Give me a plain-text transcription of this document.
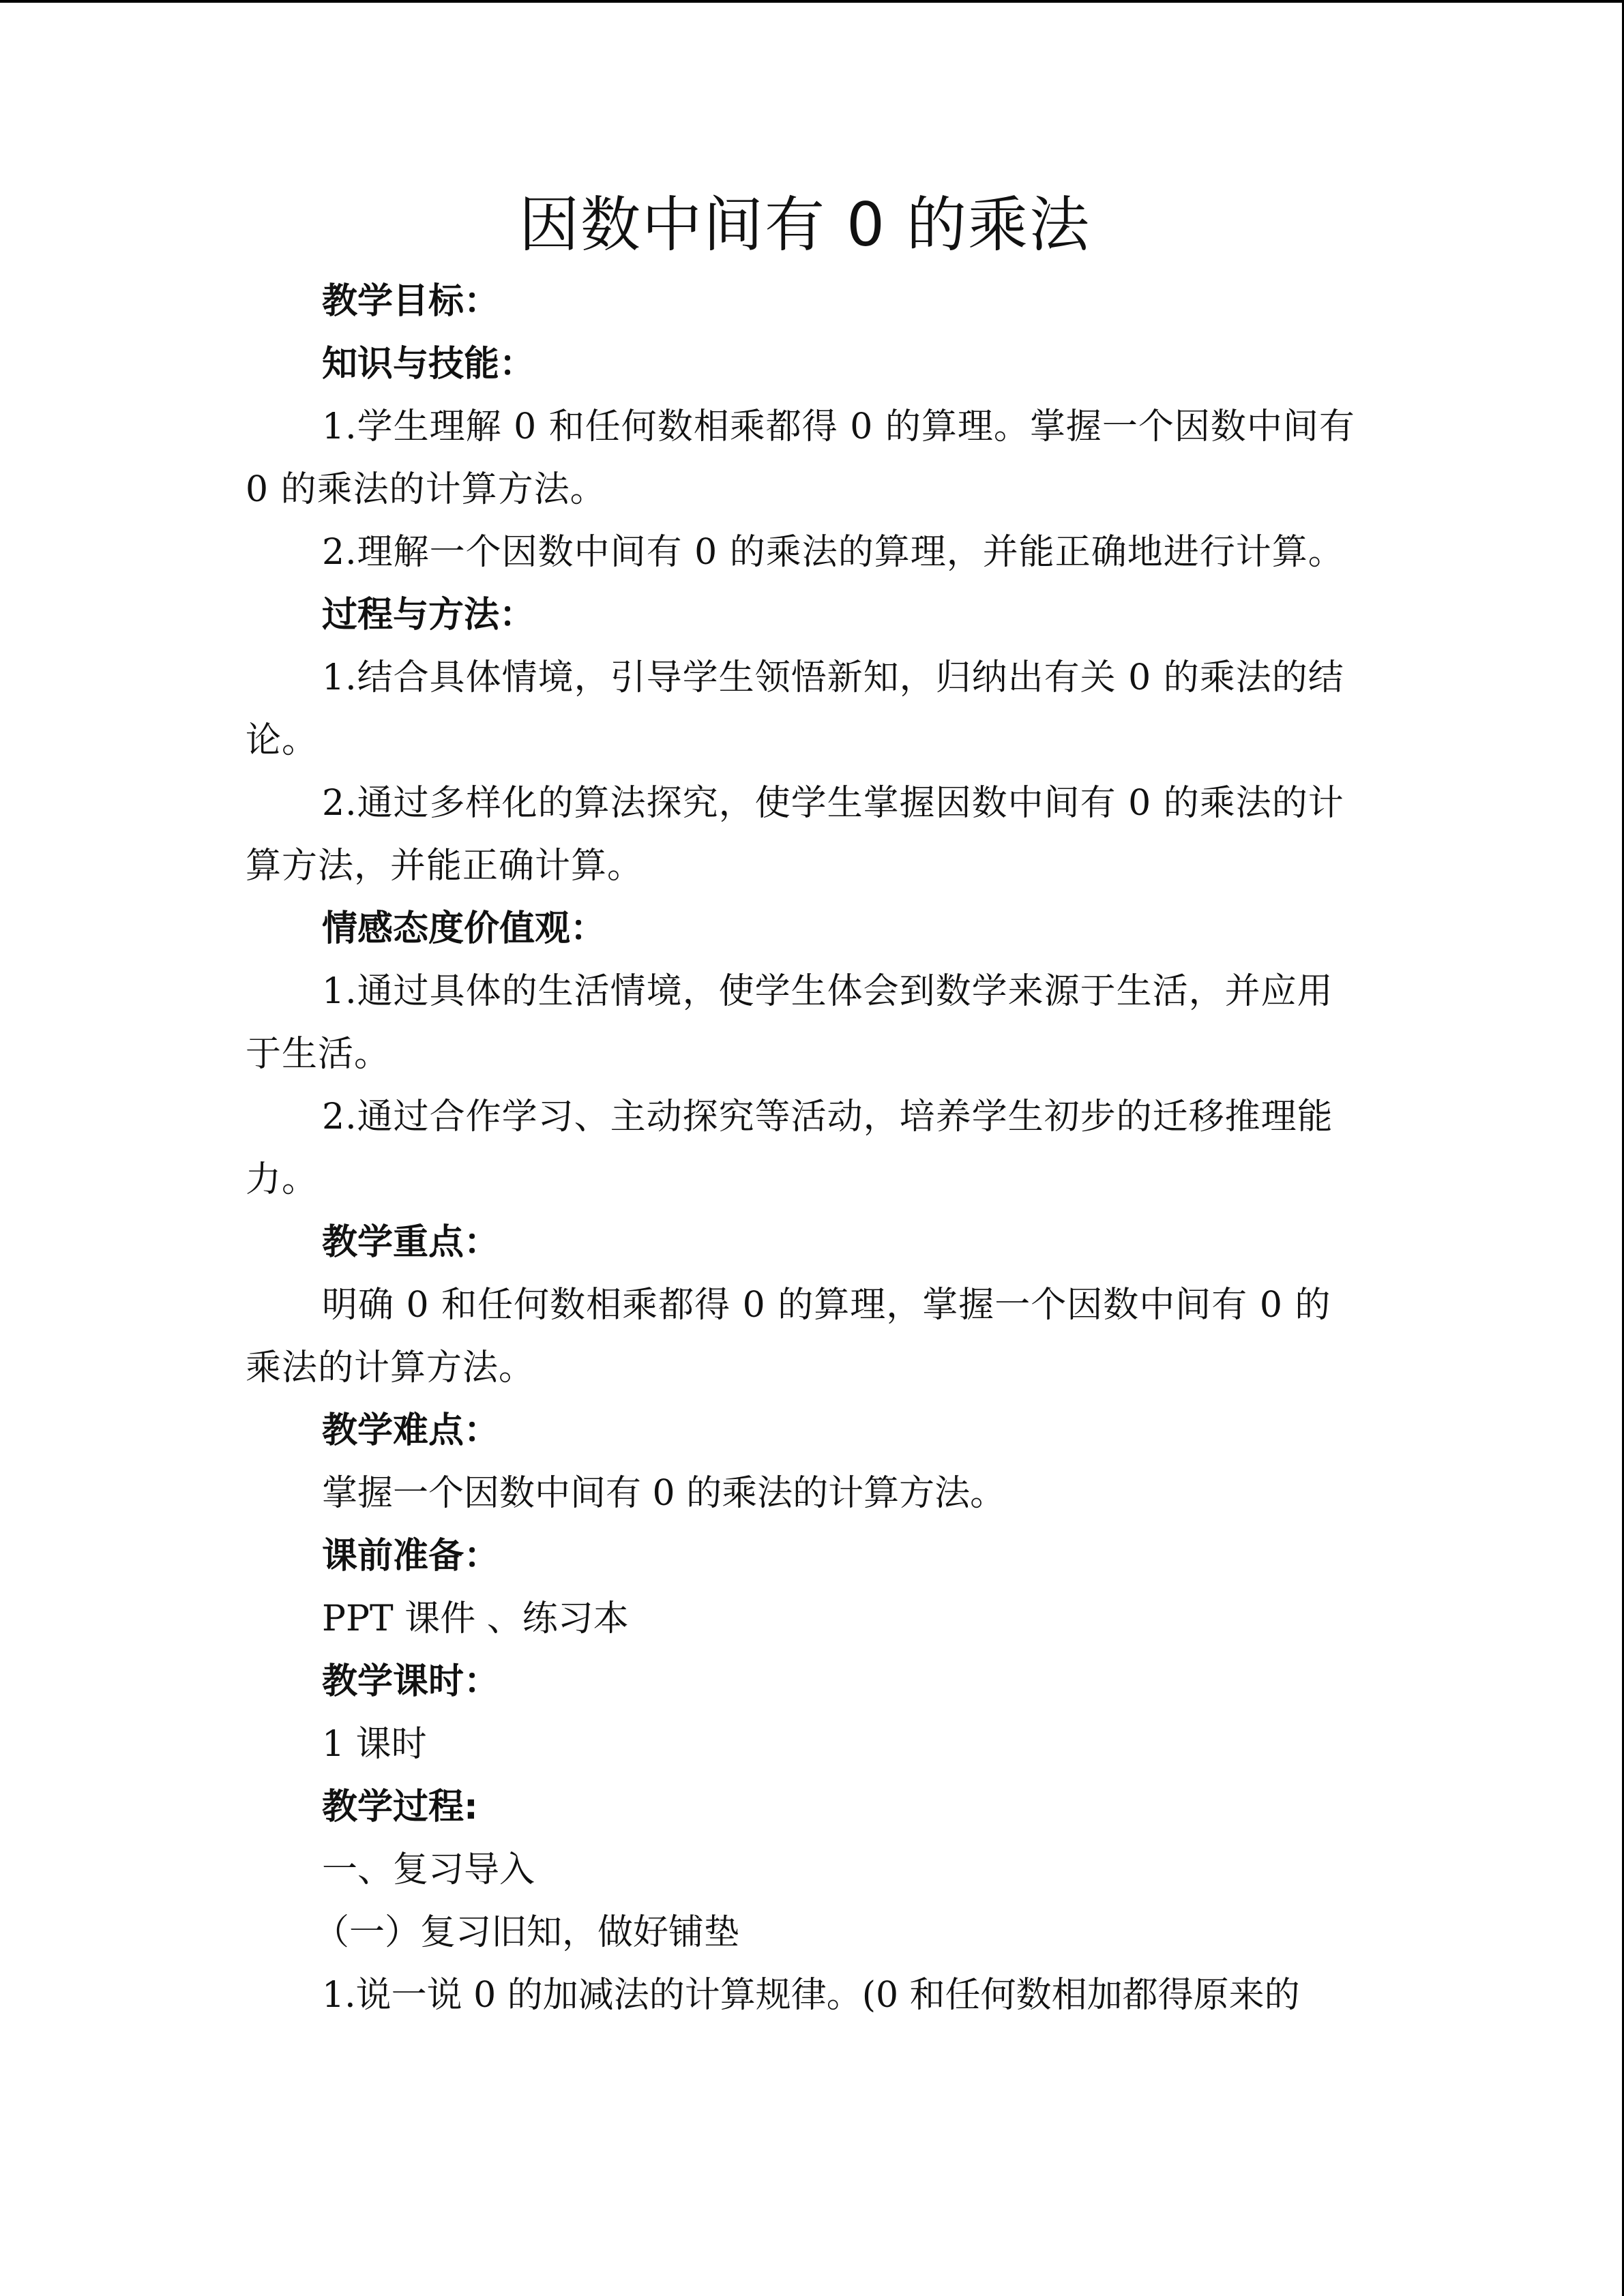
因数中间有 0 的乘法

教学目标：

知识与技能：

1.学生理解 0 和任何数相乘都得 0 的算理。掌握一个因数中间有 0 的乘法的计算方法。

2.理解一个因数中间有 0 的乘法的算理，并能正确地进行计算。

过程与方法：

1.结合具体情境，引导学生领悟新知，归纳出有关 0 的乘法的结论。

2.通过多样化的算法探究，使学生掌握因数中间有 0 的乘法的计算方法，并能正确计算。

情感态度价值观：

1.通过具体的生活情境，使学生体会到数学来源于生活，并应用于生活。

2.通过合作学习、主动探究等活动，培养学生初步的迁移推理能力。

教学重点：

明确 0 和任何数相乘都得 0 的算理，掌握一个因数中间有 0 的乘法的计算方法。

教学难点：

掌握一个因数中间有 0 的乘法的计算方法。

课前准备：

PPT 课件 、练习本

教学课时：

1 课时

教学过程:

一、复习导入

（一）复习旧知，做好铺垫

1.说一说 0 的加减法的计算规律。(0 和任何数相加都得原来的
